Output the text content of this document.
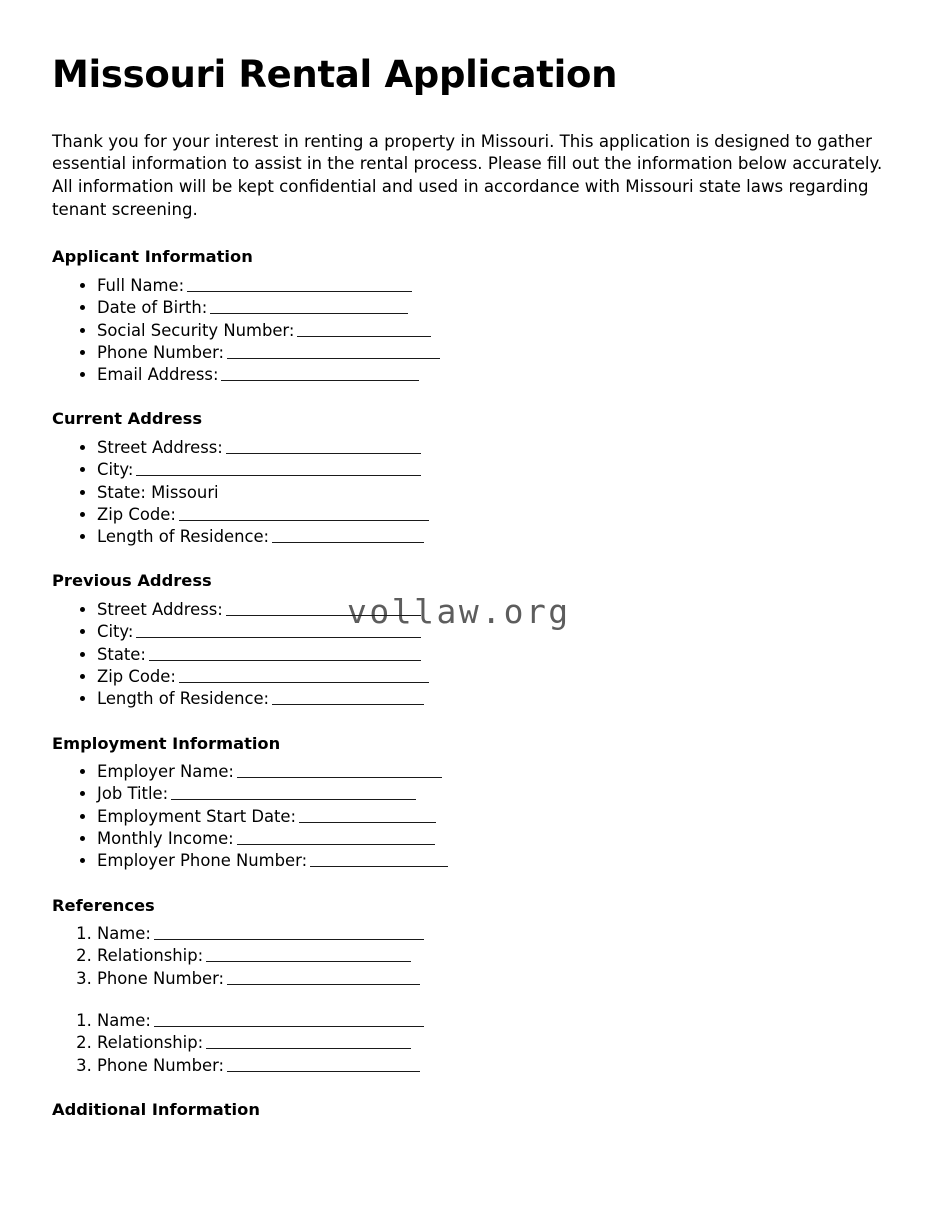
vollaw.org
Missouri Rental Application

Thank you for your interest in renting a property in Missouri. This application is designed to gather essential information to assist in the rental process. Please fill out the information below accurately. All information will be kept confidential and used in accordance with Missouri state laws regarding tenant screening.

Applicant Information
• Full Name:
• Date of Birth:
• Social Security Number:
• Phone Number:
• Email Address:
Current Address
• Street Address:
• City:
• State: Missouri
• Zip Code:
• Length of Residence:
Previous Address
• Street Address:
• City:
• State:
• Zip Code:
• Length of Residence:
Employment Information
• Employer Name:
• Job Title:
• Employment Start Date:
• Monthly Income:
• Employer Phone Number:
References
1. Name:
2. Relationship:
3. Phone Number:
1. Name:
2. Relationship:
3. Phone Number:
Additional Information
